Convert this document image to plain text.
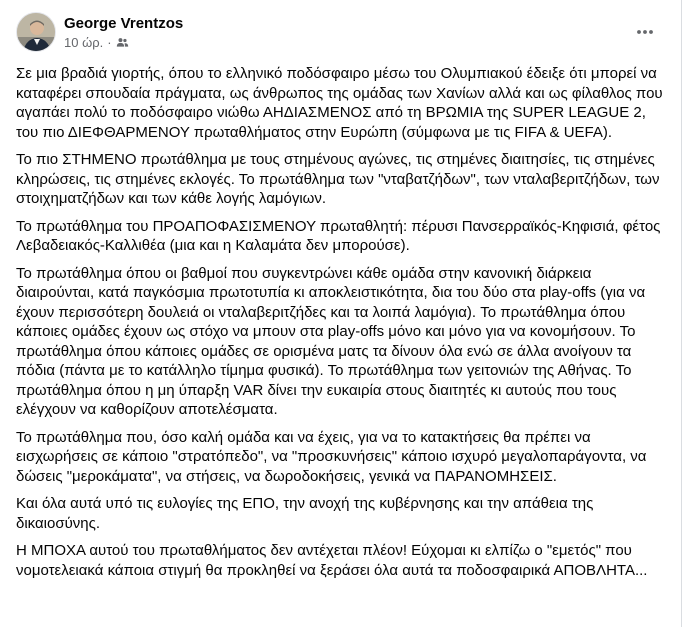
George Vrentzos
10 ώρ. ·

Σε μια βραδιά γιορτής, όπου το ελληνικό ποδόσφαιρο μέσω του Ολυμπιακού έδειξε ότι μπορεί να καταφέρει σπουδαία πράγματα, ως άνθρωπος της ομάδας των Χανίων αλλά και ως φίλαθλος που αγαπάει πολύ το ποδόσφαιρο νιώθω ΑΗΔΙΑΣΜΕΝΟΣ από τη ΒΡΩΜΙΑ της SUPER LEAGUE 2, του πιο ΔΙΕΦΘΑΡΜΕΝΟΥ πρωταθλήματος στην Ευρώπη (σύμφωνα με τις FIFA & UEFA).

Το πιο ΣΤΗΜΕΝΟ πρωτάθλημα με τους στημένους αγώνες, τις στημένες διαιτησίες, τις στημένες κληρώσεις, τις στημένες εκλογές. Το πρωτάθλημα των "νταβατζήδων", των νταλαβεριτζήδων, των στοιχηματζήδων και των κάθε λογής λαμόγιων.

Το πρωτάθλημα του ΠΡΟΑΠΟΦΑΣΙΣΜΕΝΟΥ πρωταθλητή: πέρυσι Πανσερραϊκός-Κηφισιά, φέτος Λεβαδειακός-Καλλιθέα (μια και η Καλαμάτα δεν μπορούσε).

Το πρωτάθλημα όπου οι βαθμοί που συγκεντρώνει κάθε ομάδα στην κανονική διάρκεια διαιρούνται, κατά παγκόσμια πρωτοτυπία κι αποκλειστικότητα, δια του δύο στα play-offs (για να έχουν περισσότερη δουλειά οι νταλαβεριτζήδες και τα λοιπά λαμόγια). Το πρωτάθλημα όπου κάποιες ομάδες έχουν ως στόχο να μπουν στα play-offs μόνο και μόνο για να κονομήσουν. Το πρωτάθλημα όπου κάποιες ομάδες σε ορισμένα ματς τα δίνουν όλα ενώ σε άλλα ανοίγουν τα πόδια (πάντα με το κατάλληλο τίμημα φυσικά). Το πρωτάθλημα των γειτονιών της Αθήνας. Το πρωτάθλημα όπου η μη ύπαρξη VAR δίνει την ευκαιρία στους διαιτητές κι αυτούς που τους ελέγχουν να καθορίζουν αποτελέσματα.

Το πρωτάθλημα που, όσο καλή ομάδα και να έχεις, για να το κατακτήσεις θα πρέπει να εισχωρήσεις σε κάποιο "στρατόπεδο", να "προσκυνήσεις" κάποιο ισχυρό μεγαλοπαράγοντα, να δώσεις "μεροκάματα", να στήσεις, να δωροδοκήσεις, γενικά να ΠΑΡΑΝΟΜΗΣΕΙΣ.

Και όλα αυτά υπό τις ευλογίες της ΕΠΟ, την ανοχή της κυβέρνησης και την απάθεια της δικαιοσύνης.

Η ΜΠΟΧΑ αυτού του πρωταθλήματος δεν αντέχεται πλέον! Εύχομαι κι ελπίζω ο "εμετός" που νομοτελειακά κάποια στιγμή θα προκληθεί να ξεράσει όλα αυτά τα ποδοσφαιρικά ΑΠΟΒΛΗΤΑ...
